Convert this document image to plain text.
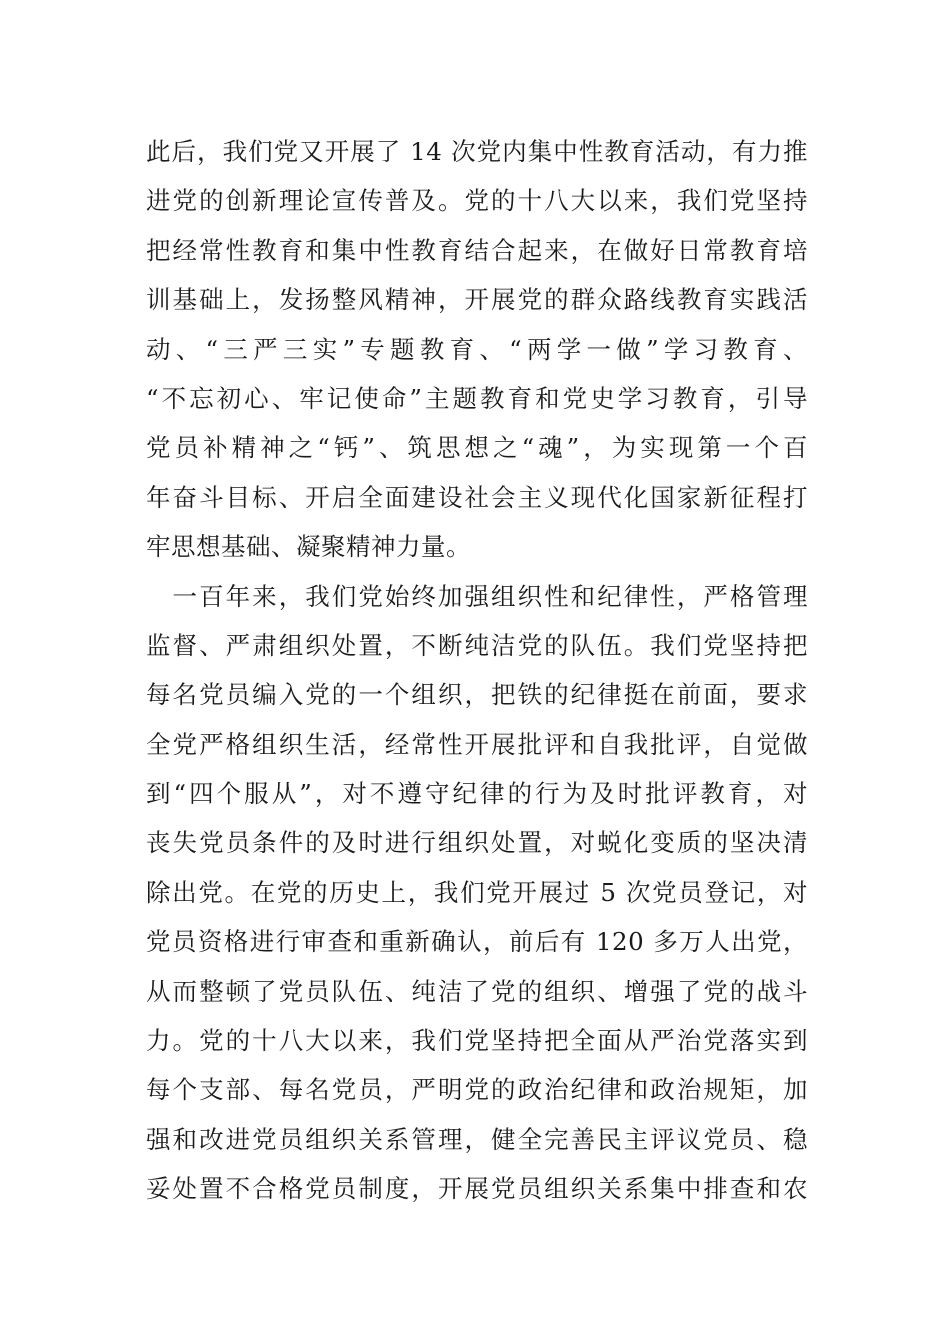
此后，我们党又开展了 14 次党内集中性教育活动，有力推
进党的创新理论宣传普及。党的十八大以来，我们党坚持
把经常性教育和集中性教育结合起来，在做好日常教育培
训基础上，发扬整风精神，开展党的群众路线教育实践活
动、“三严三实”专题教育、“两学一做”学习教育、
“不忘初心、牢记使命”主题教育和党史学习教育，引导
党员补精神之“钙”、筑思想之“魂”，为实现第一个百
年奋斗目标、开启全面建设社会主义现代化国家新征程打
牢思想基础、凝聚精神力量。
　一百年来，我们党始终加强组织性和纪律性，严格管理
监督、严肃组织处置，不断纯洁党的队伍。我们党坚持把
每名党员编入党的一个组织，把铁的纪律挺在前面，要求
全党严格组织生活，经常性开展批评和自我批评，自觉做
到“四个服从”，对不遵守纪律的行为及时批评教育，对
丧失党员条件的及时进行组织处置，对蜕化变质的坚决清
除出党。在党的历史上，我们党开展过 5 次党员登记，对
党员资格进行审查和重新确认，前后有 120 多万人出党，
从而整顿了党员队伍、纯洁了党的组织、增强了党的战斗
力。党的十八大以来，我们党坚持把全面从严治党落实到
每个支部、每名党员，严明党的政治纪律和政治规矩，加
强和改进党员组织关系管理，健全完善民主评议党员、稳
妥处置不合格党员制度，开展党员组织关系集中排查和农
